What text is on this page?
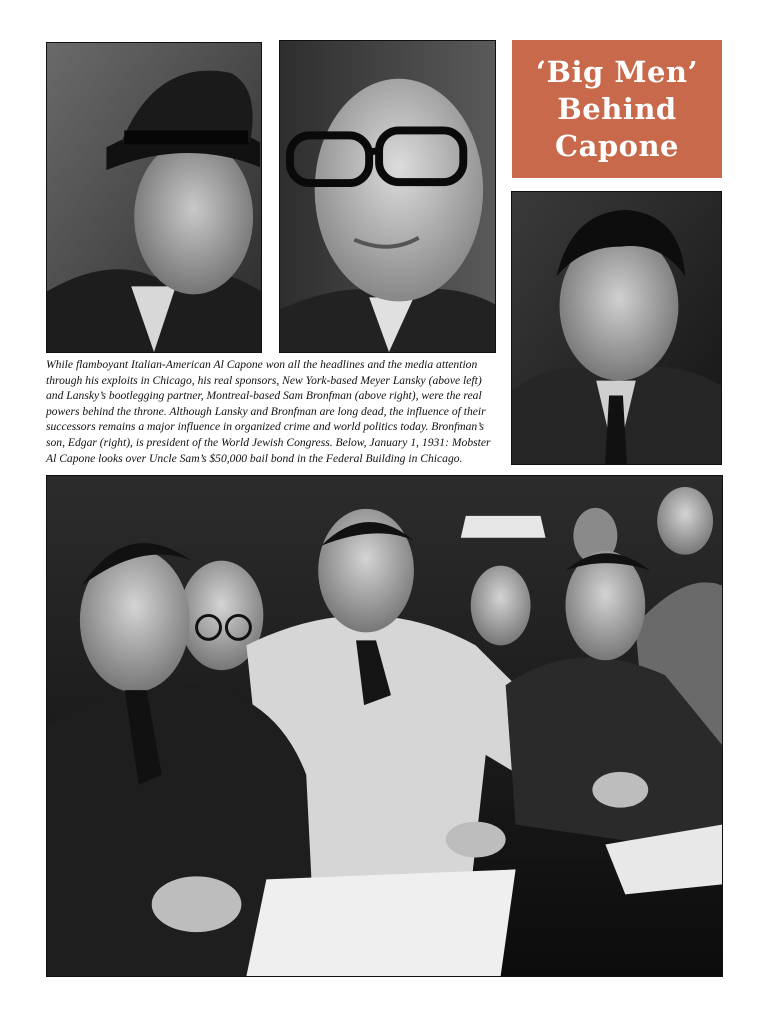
‘Big Men’
Behind
Capone
While flamboyant Italian-American Al Capone won all the headlines and the media attention through his exploits in Chicago, his real sponsors, New York-based Meyer Lansky (above left) and Lansky’s bootlegging partner, Montreal-based Sam Bronfman (above right), were the real powers behind the throne. Although Lansky and Bronfman are long dead, the influence of their successors remains a major influence in organized crime and world politics today. Bronfman’s son, Edgar (right), is president of the World Jewish Congress. Below, January 1, 1931: Mobster Al Capone looks over Uncle Sam’s $50,000 bail bond in the Federal Building in Chicago.
